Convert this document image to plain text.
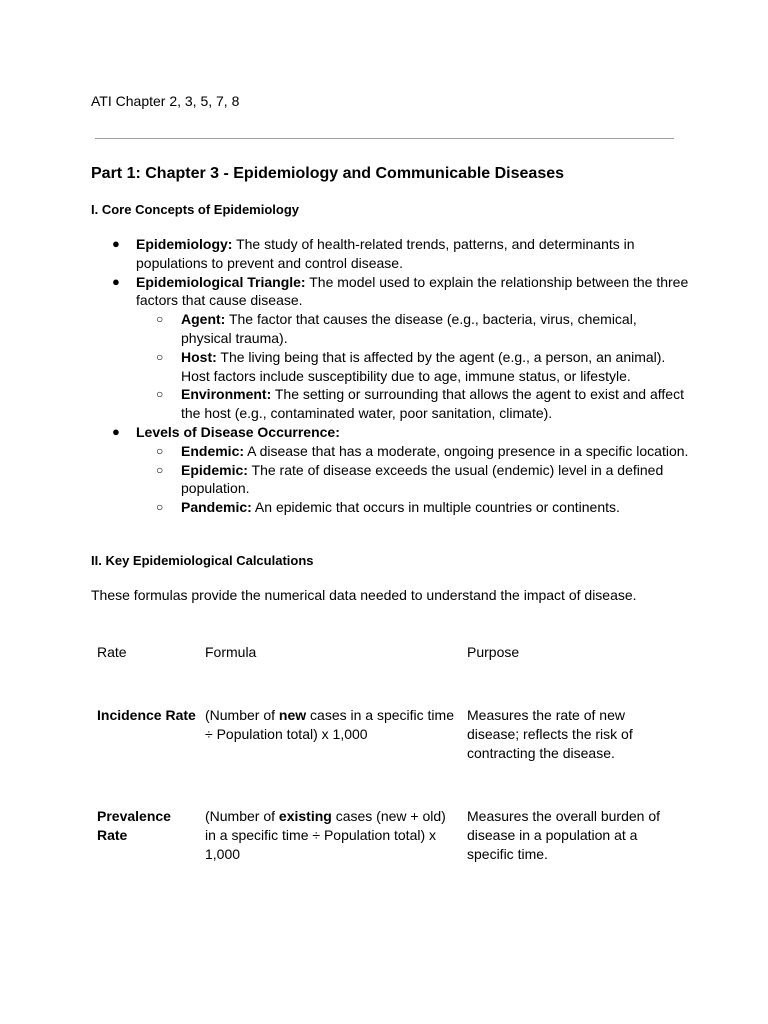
ATI Chapter 2, 3, 5, 7, 8
Part 1: Chapter 3 - Epidemiology and Communicable Diseases
I. Core Concepts of Epidemiology
● Epidemiology: The study of health-related trends, patterns, and determinants in populations to prevent and control disease.
● Epidemiological Triangle: The model used to explain the relationship between the three factors that cause disease.
○ Agent: The factor that causes the disease (e.g., bacteria, virus, chemical, physical trauma).
○ Host: The living being that is affected by the agent (e.g., a person, an animal). Host factors include susceptibility due to age, immune status, or lifestyle.
○ Environment: The setting or surrounding that allows the agent to exist and affect the host (e.g., contaminated water, poor sanitation, climate).
● Levels of Disease Occurrence:
○ Endemic: A disease that has a moderate, ongoing presence in a specific location.
○ Epidemic: The rate of disease exceeds the usual (endemic) level in a defined population.
○ Pandemic: An epidemic that occurs in multiple countries or continents.
II. Key Epidemiological Calculations
These formulas provide the numerical data needed to understand the impact of disease.
Rate	Formula	Purpose
Incidence Rate (Number of new cases in a specific time ÷ Population total) x 1,000
Measures the rate of new disease; reflects the risk of contracting the disease.
Prevalence Rate
(Number of existing cases (new + old) in a specific time ÷ Population total) x 1,000
Measures the overall burden of disease in a population at a specific time.
